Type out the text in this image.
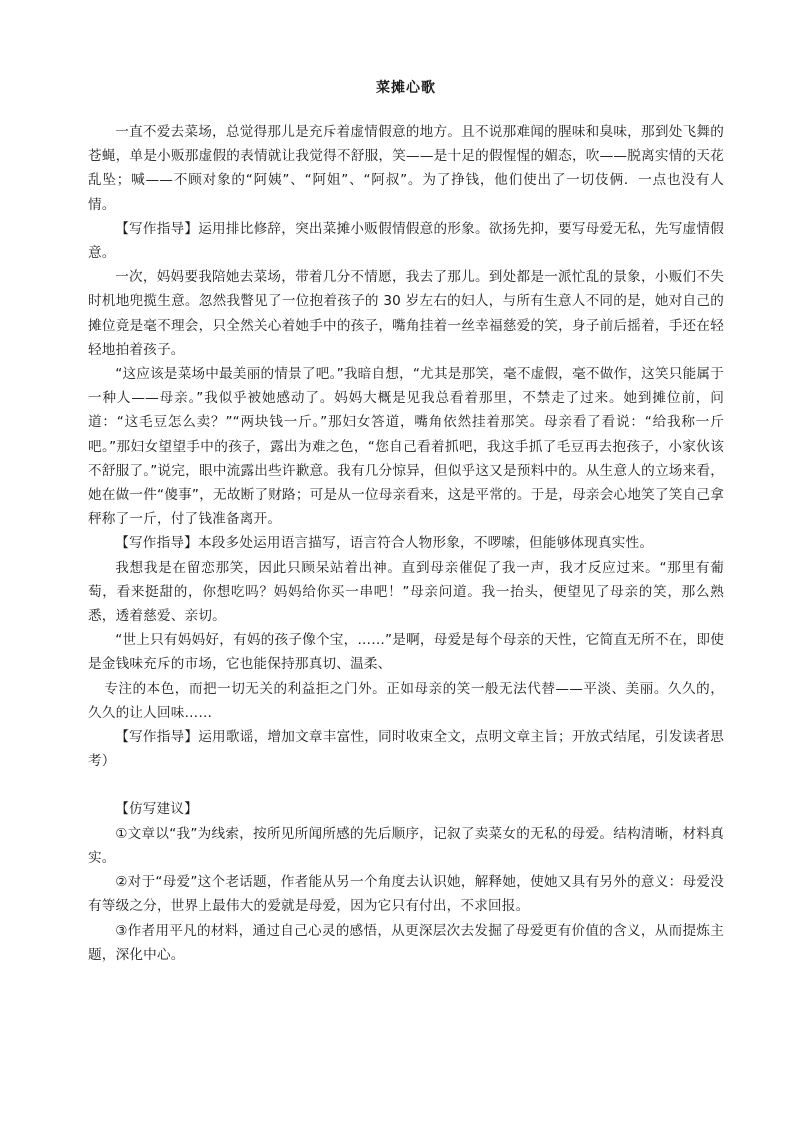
菜摊心歌

一直不爱去菜场，总觉得那儿是充斥着虚情假意的地方。且不说那难闻的腥味和臭味，那到处飞舞的苍蝇，单是小贩那虚假的表情就让我觉得不舒服，笑——是十足的假惺惺的媚态，吹——脱离实情的天花乱坠；喊——不顾对象的“阿姨”、“阿姐”、“阿叔”。为了挣钱，他们使出了一切伎俩．一点也没有人情。

【写作指导】运用排比修辞，突出菜摊小贩假情假意的形象。欲扬先抑，要写母爱无私，先写虚情假意。

一次，妈妈要我陪她去菜场，带着几分不情愿，我去了那儿。到处都是一派忙乱的景象，小贩们不失时机地兜揽生意。忽然我瞥见了一位抱着孩子的 30 岁左右的妇人，与所有生意人不同的是，她对自己的摊位竟是毫不理会，只全然关心着她手中的孩子，嘴角挂着一丝幸福慈爱的笑，身子前后摇着，手还在轻轻地拍着孩子。

“这应该是菜场中最美丽的情景了吧。”我暗自想，“尤其是那笑，毫不虚假，毫不做作，这笑只能属于一种人——母亲。”我似乎被她感动了。妈妈大概是见我总看着那里，不禁走了过来。她到摊位前，问道：“这毛豆怎么卖？”“两块钱一斤。”那妇女答道，嘴角依然挂着那笑。母亲看了看说：“给我称一斤吧。”那妇女望望手中的孩子，露出为难之色，“您自己看着抓吧，我这手抓了毛豆再去抱孩子，小家伙该不舒服了。”说完，眼中流露出些许歉意。我有几分惊异，但似乎这又是预料中的。从生意人的立场来看，她在做一件“傻事”，无故断了财路；可是从一位母亲看来，这是平常的。于是，母亲会心地笑了笑自己拿秤称了一斤，付了钱准备离开。

【写作指导】本段多处运用语言描写，语言符合人物形象，不啰嗦，但能够体现真实性。

我想我是在留恋那笑，因此只顾呆站着出神。直到母亲催促了我一声，我才反应过来。“那里有葡萄，看来挺甜的，你想吃吗？妈妈给你买一串吧！”母亲问道。我一抬头，便望见了母亲的笑，那么熟悉，透着慈爱、亲切。

“世上只有妈妈好，有妈的孩子像个宝，……”是啊，母爱是每个母亲的天性，它简直无所不在，即使是金钱味充斥的市场，它也能保持那真切、温柔、

专注的本色，而把一切无关的利益拒之门外。正如母亲的笑一般无法代替——平淡、美丽。久久的，久久的让人回味……

【写作指导】运用歌谣，增加文章丰富性，同时收束全文，点明文章主旨；开放式结尾，引发读者思考）

【仿写建议】

①文章以“我”为线索，按所见所闻所感的先后顺序，记叙了卖菜女的无私的母爱。结构清晰，材料真实。

②对于“母爱”这个老话题，作者能从另一个角度去认识她，解释她，使她又具有另外的意义：母爱没有等级之分，世界上最伟大的爱就是母爱，因为它只有付出，不求回报。

③作者用平凡的材料，通过自己心灵的感悟，从更深层次去发掘了母爱更有价值的含义，从而提炼主题，深化中心。
